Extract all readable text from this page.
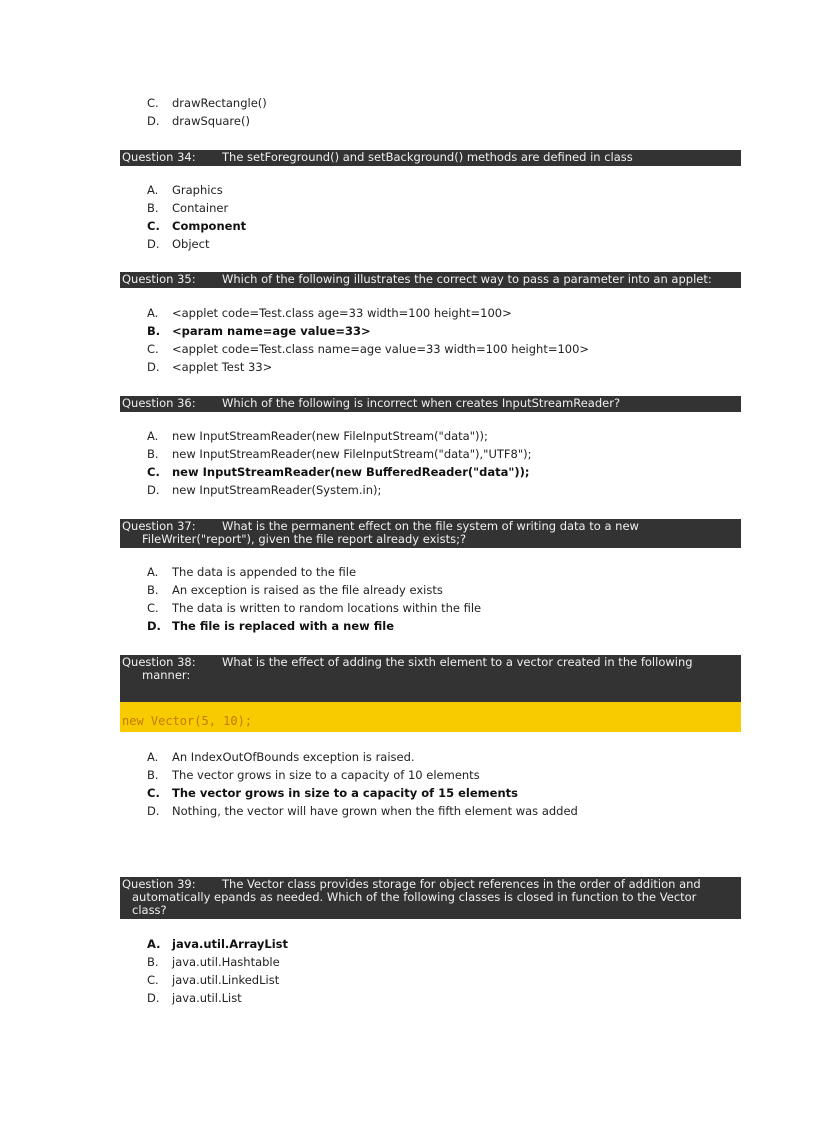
C.	drawRectangle()
D.	drawSquare()
Question 34: The setForeground() and setBackground() methods are defined in class
A.	Graphics
B.	Container
C.	Component
D.	Object
Question 35: Which of the following illustrates the correct way to pass a parameter into an applet:
A.	<applet code=Test.class age=33 width=100 height=100>
B.	<param name=age value=33>
C.	<applet code=Test.class name=age value=33 width=100 height=100>
D.	<applet Test 33>
Question 36: Which of the following is incorrect when creates InputStreamReader?
A.	new InputStreamReader(new FileInputStream("data"));
B.	new InputStreamReader(new FileInputStream("data"),"UTF8");
C.	new InputStreamReader(new BufferedReader("data"));
D.	new InputStreamReader(System.in);
Question 37: What is the permanent effect on the file system of writing data to a new
FileWriter("report"), given the file report already exists;?
A.	The data is appended to the file
B.	An exception is raised as the file already exists
C.	The data is written to random locations within the file
D. The file is replaced with a new file
Question 38: What is the effect of adding the sixth element to a vector created in the following
manner:
new Vector(5, 10);
A.	An IndexOutOfBounds exception is raised.
B.	The vector grows in size to a capacity of 10 elements
C.	The vector grows in size to a capacity of 15 elements
D.	Nothing, the vector will have grown when the fifth element was added
Question 39: The Vector class provides storage for object references in the order of addition and
automatically epands as needed. Which of the following classes is closed in function to the Vector
class?
A.	java.util.ArrayList
B.	java.util.Hashtable
C.	java.util.LinkedList
D.	java.util.List
